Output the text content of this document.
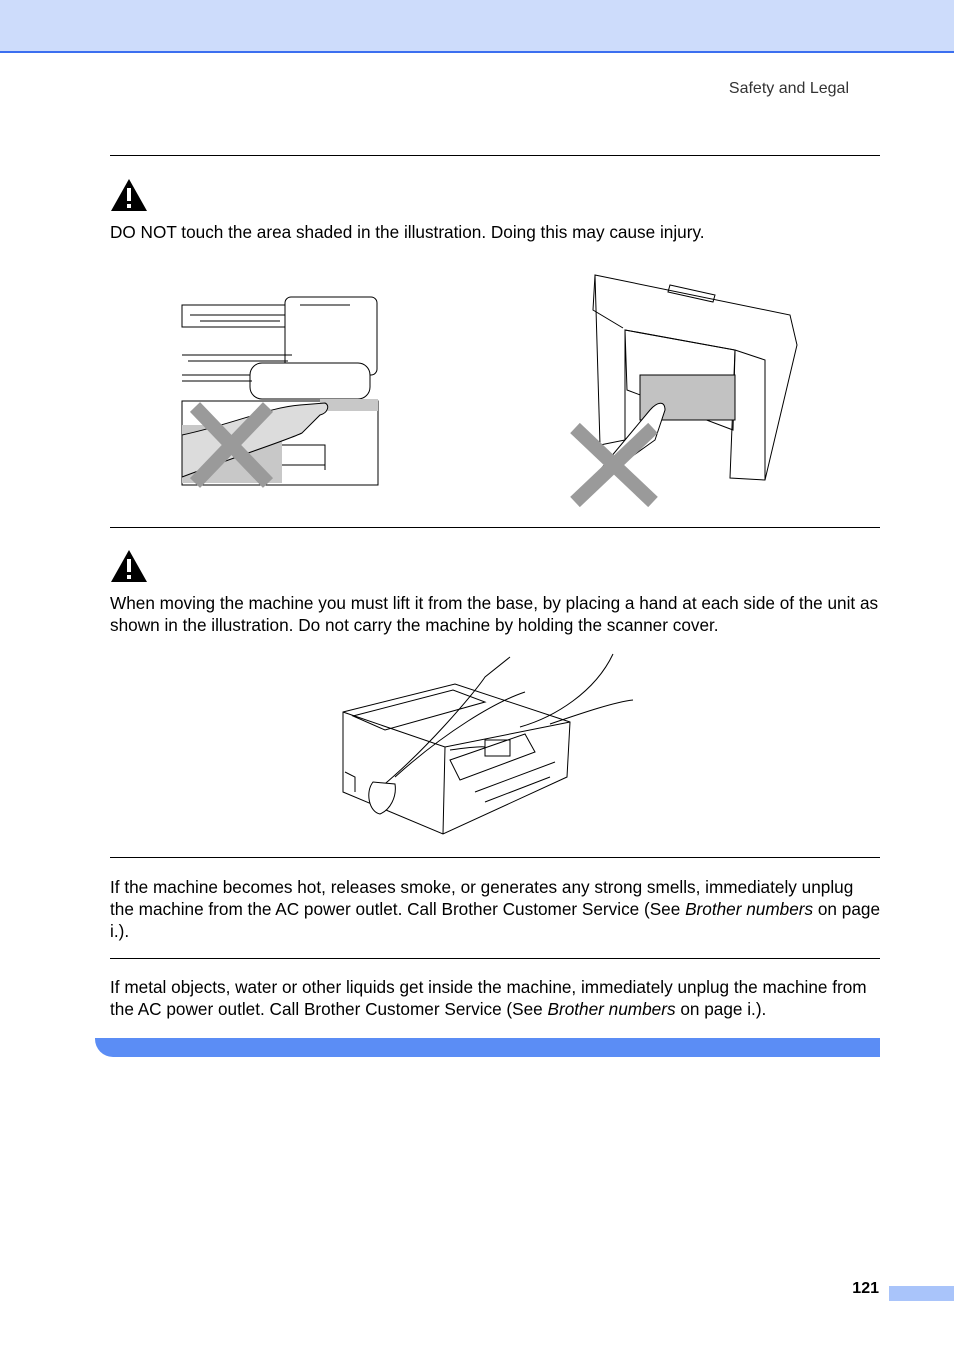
Safety and Legal
DO NOT touch the area shaded in the illustration. Doing this may cause injury.
When moving the machine you must lift it from the base, by placing a hand at each side of the unit as shown in the illustration. Do not carry the machine by holding the scanner cover.
If the machine becomes hot, releases smoke, or generates any strong smells, immediately unplug the machine from the AC power outlet. Call Brother Customer Service (See Brother numbers on page i.).
If metal objects, water or other liquids get inside the machine, immediately unplug the machine from the AC power outlet. Call Brother Customer Service (See Brother numbers on page i.).
121
